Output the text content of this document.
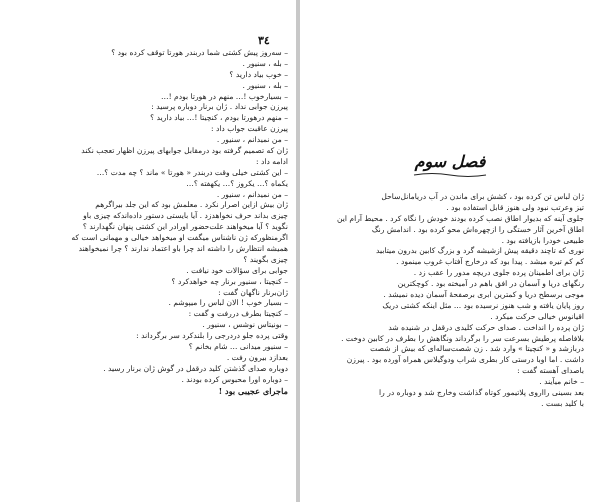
٣٤
– سه‌روز پیش کشتی شما دربندر هورتا توقف کرده بود ؟
– بله ، سنیور .
– خوب بیاد دارید ؟
– بله ، سنیور .
– بسیارخوب !… منهم در هورتا بودم !…
پیرزن جوابی نداد . ژان برنار دوباره پرسید :
– منهم درهورتا بودم ، کنچیتا !… بیاد دارید ؟
پیرزن عاقبت جواب داد :
– من نمیدانم ، سنیور .
ژان که تصمیم گرفته بود درمقابل جوابهای پیرزن اظهار تعجب نکند
ادامه داد :
– این کشتی خیلی وقت دربندر « هورتا » ماند ؟ چه مدت ؟…
یکماه ؟… یکروز ؟… یکهفته ؟…
– من نمیدانم ، سنیور .
ژان بیش ازاین اصرار نکرد . معلمش بود که این جلد بیراگرهم
چیزی بداند حرف نخواهدزد . آیا بایستی دستور داده‌اندکه چیزی باو
نگوید ؟ آیا میخواهند علت‌حضور اورادر این کشتی پنهان نگهدارند ؟
اگرمنظورکه ژن ناشناس میگفت او میخواهد خیالی و مهمانی است که
همیشه انتظارش را داشته اند چرا باو اعتماد ندارند ؟ چرا نمیخواهند
چیزی بگویند ؟
جوابی برای سؤالات خود نیافت .
– کنچیتا ، سنیور برنار چه خواهدکرد ؟
ژان‌برنار ناگهان گفت :
– بسیار خوب ! الان لباس را میپوشم .
– کنچیتا بطرف دررفت و گفت :
– بونیتاس نوشس ، سنیور .
وقتی پرده جلو دردرجی را بلندکرد سر برگرداند :
– سنیور میدانی … شام بخانم ؟
بعدازد بیرون رفت .
دوباره صدای گذشتن کلید درقفل در گوش ژان برنار رسید .
– دوباره اورا محبوس کرده بودند .
ماجرای عجیبی بود !
فصل سوم
ژان لباس تن کرده بود ، کشش برای ماندن در آب دریا‌مانل‌ساحل
تیز وعرتب نبود ولی هنوز قابل استفاده بود .
جلوی آینه که بدیوار اطاق نصب کرده بودند خودش را نگاه کرد . محیط آرام این
اطاق آخرین آثار خستگی را ازچهره‌اش محو کرده بود . اندامش رنگ
طبیعی خودرا بازیافته بود .
نوری که تاچند دقیقه پیش ازشیشه گرد و بزرگ کابین بدرون میتابید
کم کم تیره میشد . پیدا بود که درخارج آفتاب غروب مینمود .
ژان برای اطمینان پرده جلوی دریچه مدور را عقب زد .
رنگهای دریا و آسمان در افق باهم در آمیخته بود . کوچکترین
موجی برسطح دریا و کمترین ابری برصفحهٔ آسمان دیده نمیشد .
روز پایان یافته و شب هنوز نرسیده بود ... مثل اینکه کشتی دریک
اقیانوس خیالی حرکت میکرد .
ژان پرده را انداخت . صدای حرکت کلیدی درقفل در شنیده شد
بلافاصله پرطیش بسرعت سر را برگرداند ونگاهش را بطرف در کابین دوخت .
دربازشد و « کنچیتا » وارد شد . زن شصت‌ساله‌ای که بیش از شصت
داشت . اما اوبا درستی کار بطری شراب ودوگیلاس همراه آورده بود . پیرزن
باصدای آهسته گفت :
– خانم میآیند .
بعد بسینی رااروی پلاتیمور کوتاه گذاشت وخارج شد و دوباره در را
با کلید بست .
